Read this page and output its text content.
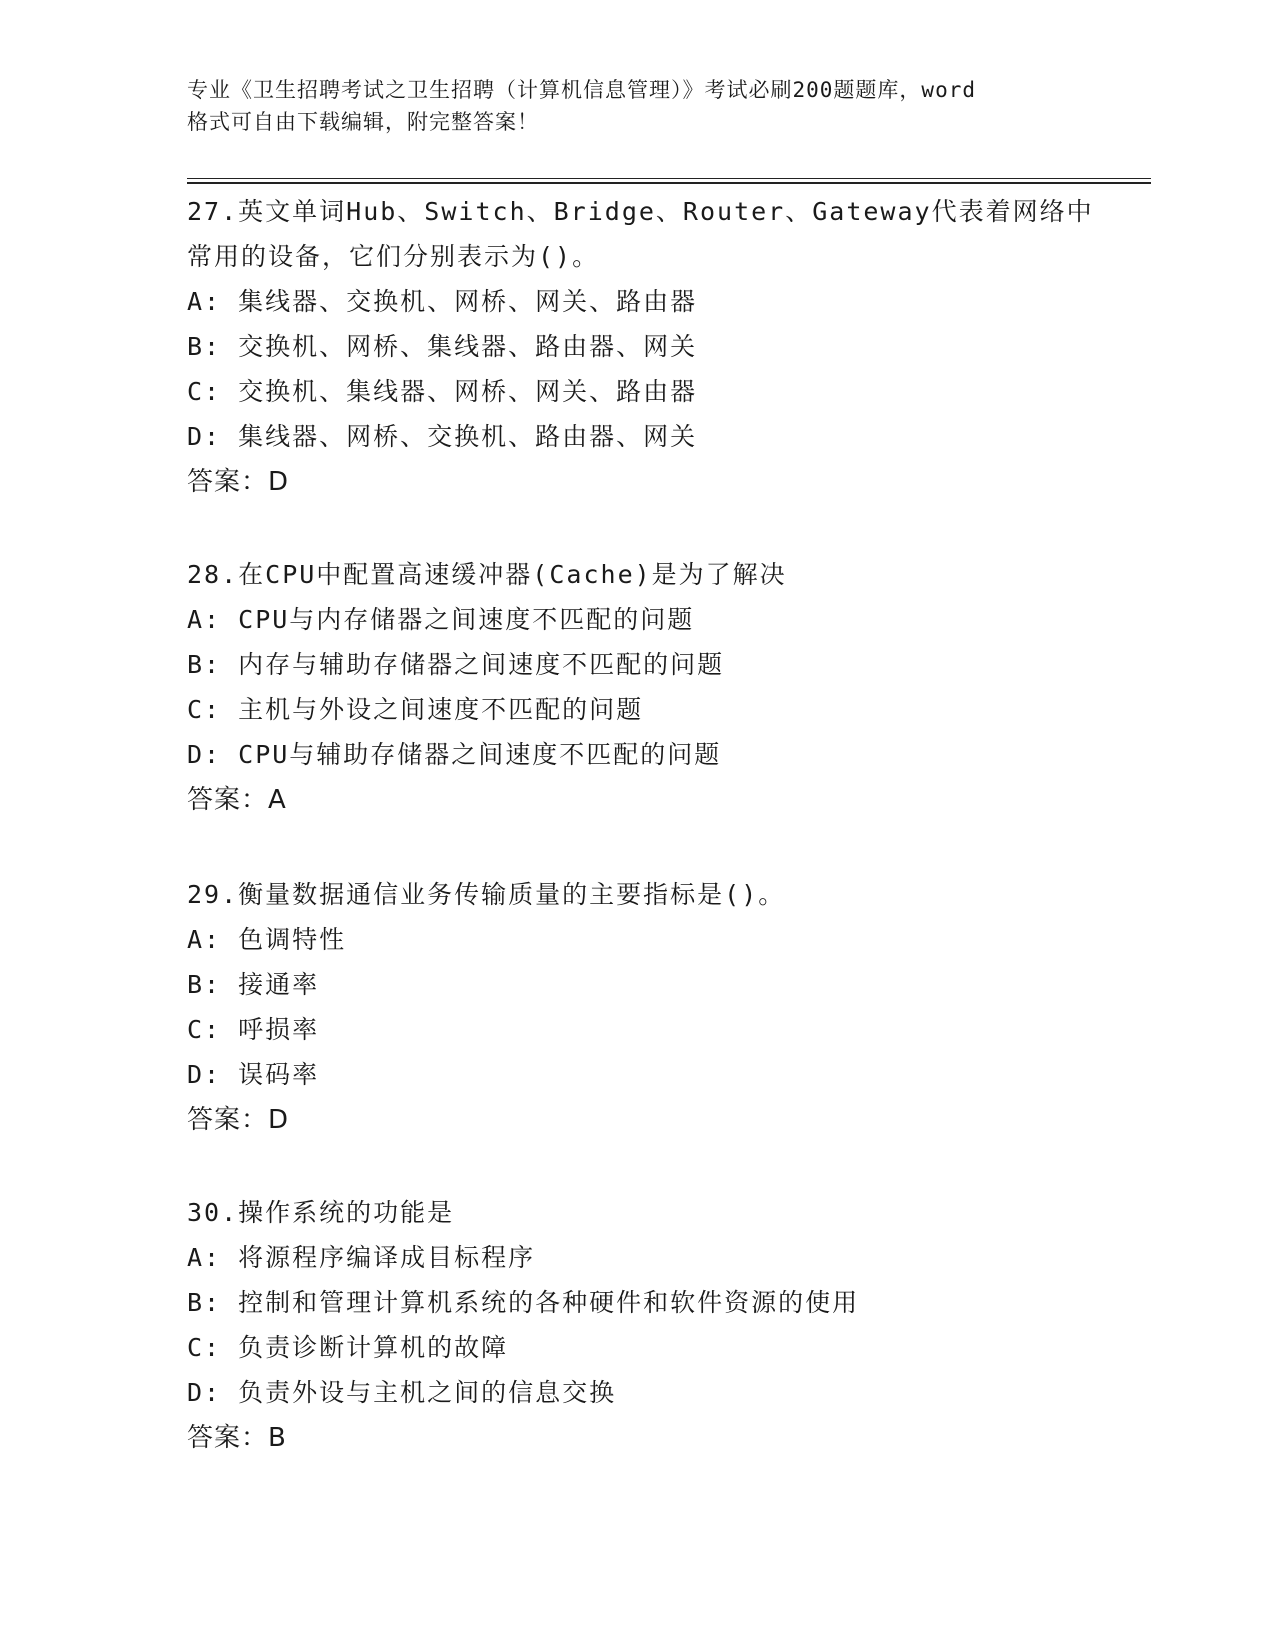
专业《卫生招聘考试之卫生招聘（计算机信息管理）》考试必刷200题题库，word
格式可自由下载编辑，附完整答案！
27.英文单词Hub、Switch、Bridge、Router、Gateway代表着网络中
常用的设备，它们分别表示为()。
A: 集线器、交换机、网桥、网关、路由器
B: 交换机、网桥、集线器、路由器、网关
C: 交换机、集线器、网桥、网关、路由器
D: 集线器、网桥、交换机、路由器、网关
答案：D
28.在CPU中配置高速缓冲器(Cache)是为了解决
A: CPU与内存储器之间速度不匹配的问题
B: 内存与辅助存储器之间速度不匹配的问题
C: 主机与外设之间速度不匹配的问题
D: CPU与辅助存储器之间速度不匹配的问题
答案：A
29.衡量数据通信业务传输质量的主要指标是()。
A: 色调特性
B: 接通率
C: 呼损率
D: 误码率
答案：D
30.操作系统的功能是
A: 将源程序编译成目标程序
B: 控制和管理计算机系统的各种硬件和软件资源的使用
C: 负责诊断计算机的故障
D: 负责外设与主机之间的信息交换
答案：B
